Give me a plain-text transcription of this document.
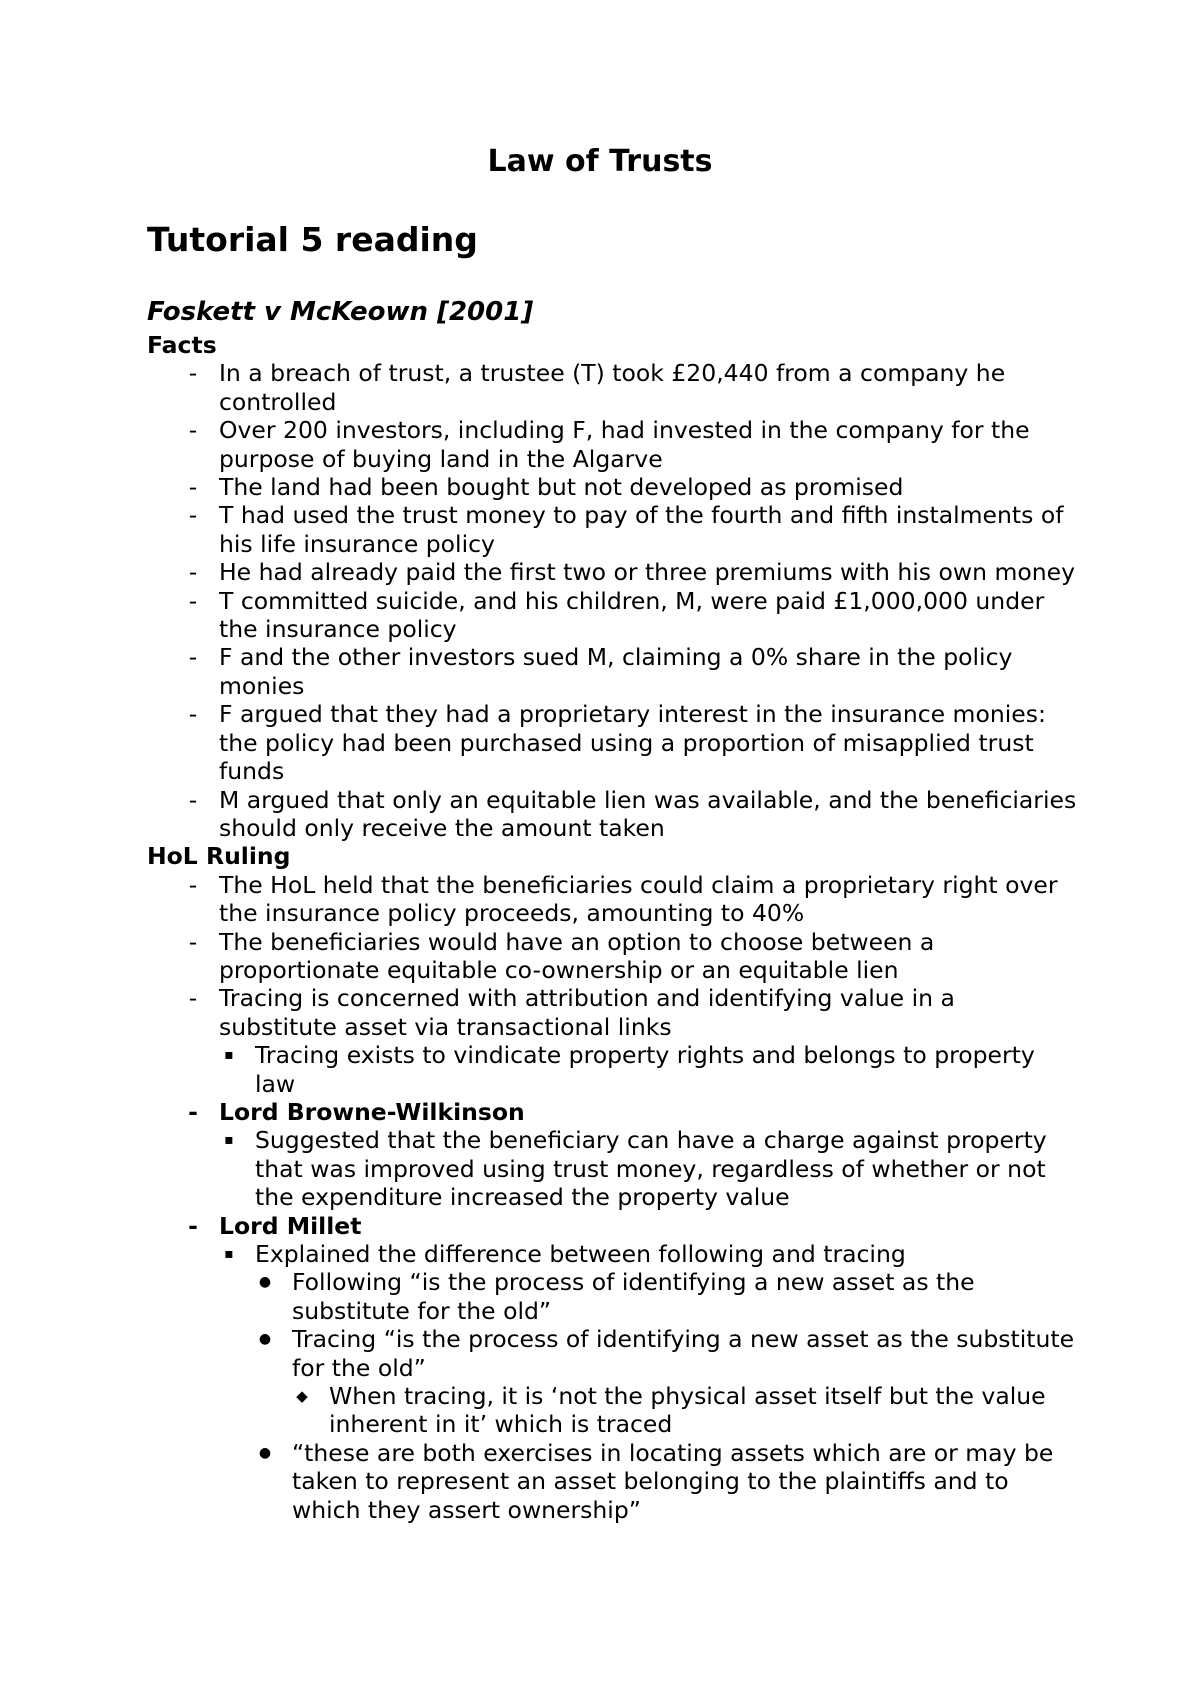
Law of Trusts
Tutorial 5 reading
Foskett v McKeown [2001]

Facts

- In a breach of trust, a trustee (T) took £20,440 from a company he controlled
- Over 200 investors, including F, had invested in the company for the purpose of buying land in the Algarve
- The land had been bought but not developed as promised
- T had used the trust money to pay of the fourth and fifth instalments of his life insurance policy
- He had already paid the first two or three premiums with his own money
- T committed suicide, and his children, M, were paid £1,000,000 under the insurance policy
- F and the other investors sued M, claiming a 0% share in the policy monies
- F argued that they had a proprietary interest in the insurance monies: the policy had been purchased using a proportion of misapplied trust funds
- M argued that only an equitable lien was available, and the beneficiaries should only receive the amount taken

HoL Ruling

- The HoL held that the beneficiaries could claim a proprietary right over the insurance policy proceeds, amounting to 40%
- The beneficiaries would have an option to choose between a proportionate equitable co-ownership or an equitable lien
- Tracing is concerned with attribution and identifying value in a substitute asset via transactional links
▪ Tracing exists to vindicate property rights and belongs to property law
- Lord Browne-Wilkinson
▪ Suggested that the beneficiary can have a charge against property that was improved using trust money, regardless of whether or not the expenditure increased the property value
- Lord Millet
▪ Explained the difference between following and tracing
● Following “is the process of identifying a new asset as the substitute for the old”
● Tracing “is the process of identifying a new asset as the substitute for the old”
◆ When tracing, it is ‘not the physical asset itself but the value inherent in it’ which is traced
● “these are both exercises in locating assets which are or may be taken to represent an asset belonging to the plaintiffs and to which they assert ownership”
